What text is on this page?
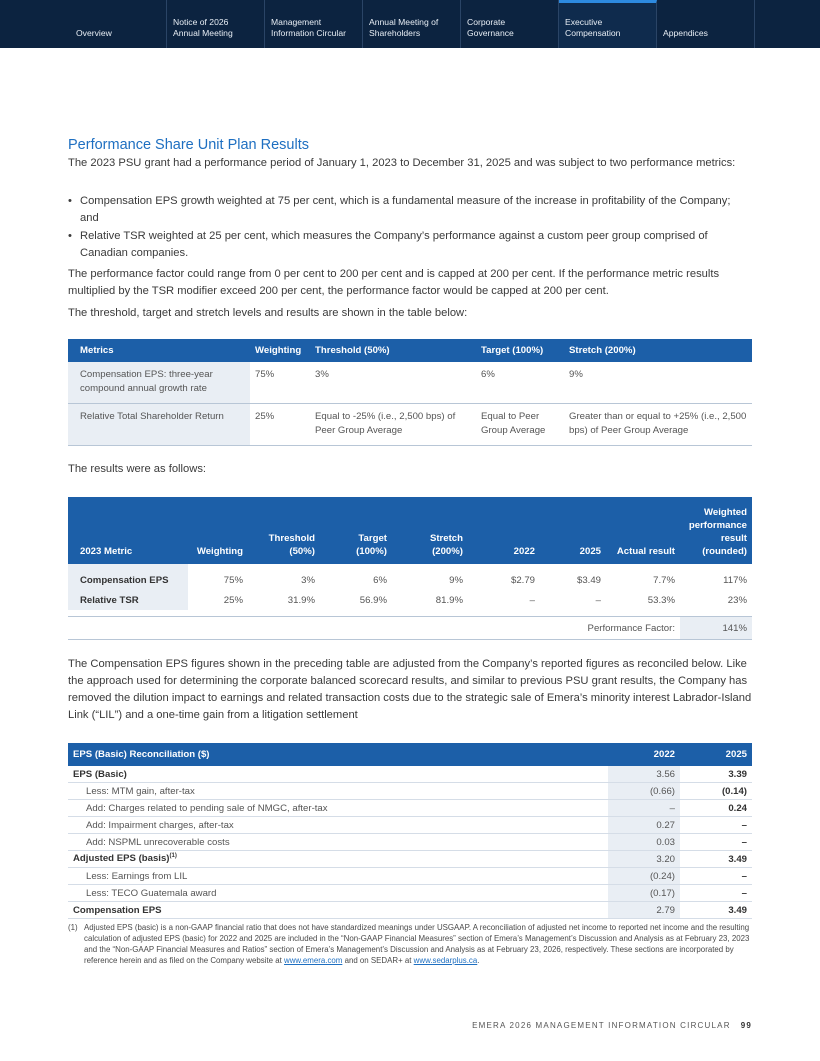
Overview
Notice of 2026
Annual Meeting
Management
Information Circular
Annual Meeting of
Shareholders
Corporate
Governance
Executive
Compensation	Appendices
Performance Share Unit Plan Results

The 2023 PSU grant had a performance period of January 1, 2023 to December 31, 2025 and was subject to two performance metrics:

• Compensation EPS growth weighted at 75 per cent, which is a fundamental measure of the increase in profitability of the Company; and
• Relative TSR weighted at 25 per cent, which measures the Company’s performance against a custom peer group comprised of Canadian companies.

The performance factor could range from 0 per cent to 200 per cent and is capped at 200 per cent. If the performance metric results multiplied by the TSR modifier exceed 200 per cent, the performance factor would be capped at 200 per cent.

The threshold, target and stretch levels and results are shown in the table below:

Metrics	Weighting	Threshold (50%)	Target (100%)	Stretch (200%)
Compensation EPS: three-year compound annual growth rate	75%	3%	6%	9%
Relative Total Shareholder Return	25%	Equal to -25% (i.e., 2,500 bps) of Peer Group Average	Equal to Peer Group Average	Greater than or equal to +25% (i.e., 2,500 bps) of Peer Group Average

The results were as follows:

2023 Metric	Weighting	Threshold (50%)	Target (100%)	Stretch (200%)	2022	2025	Actual result	Weighted performance result (rounded)
Compensation EPS	75%	3%	6%	9%	$2.79	$3.49	7.7%	117%
Relative TSR	25%	31.9%	56.9%	81.9%	–	–	53.3%	23%

Performance Factor:								141%

The Compensation EPS figures shown in the preceding table are adjusted from the Company’s reported figures as reconciled below. Like the approach used for determining the corporate balanced scorecard results, and similar to previous PSU grant results, the Company has removed the dilution impact to earnings and related transaction costs due to the strategic sale of Emera’s minority interest Labrador-Island Link (“LIL”) and a one-time gain from a litigation settlement

EPS (Basic) Reconciliation ($)	2022	2025
EPS (Basic)	3.56	3.39
Less: MTM gain, after-tax	(0.66)	(0.14)
Add: Charges related to pending sale of NMGC, after-tax	–	0.24
Add: Impairment charges, after-tax	0.27	–
Add: NSPML unrecoverable costs	0.03	–
Adjusted EPS (basis)$^{(1)}$	3.20	3.49
Less: Earnings from LIL	(0.24)	–
Less: TECO Guatemala award	(0.17)	–
Compensation EPS	2.79	3.49
(1) Adjusted EPS (basic) is a non-GAAP financial ratio that does not have standardized meanings under USGAAP. A reconciliation of adjusted net income to reported net income and the resulting calculation of adjusted EPS (basic) for 2022 and 2025 are included in the “Non-GAAP Financial Measures” section of Emera’s Management’s Discussion and Analysis as at February 23, 2023 and the “Non-GAAP Financial Measures and Ratios” section of Emera’s Management’s Discussion and Analysis as at February 23, 2026, respectively. These sections are incorporated by reference herein and as filed on the Company website at www.emera.com and on SEDAR+ at www.sedarplus.ca.
EMERA 2026 MANAGEMENT INFORMATION CIRCULAR 99
